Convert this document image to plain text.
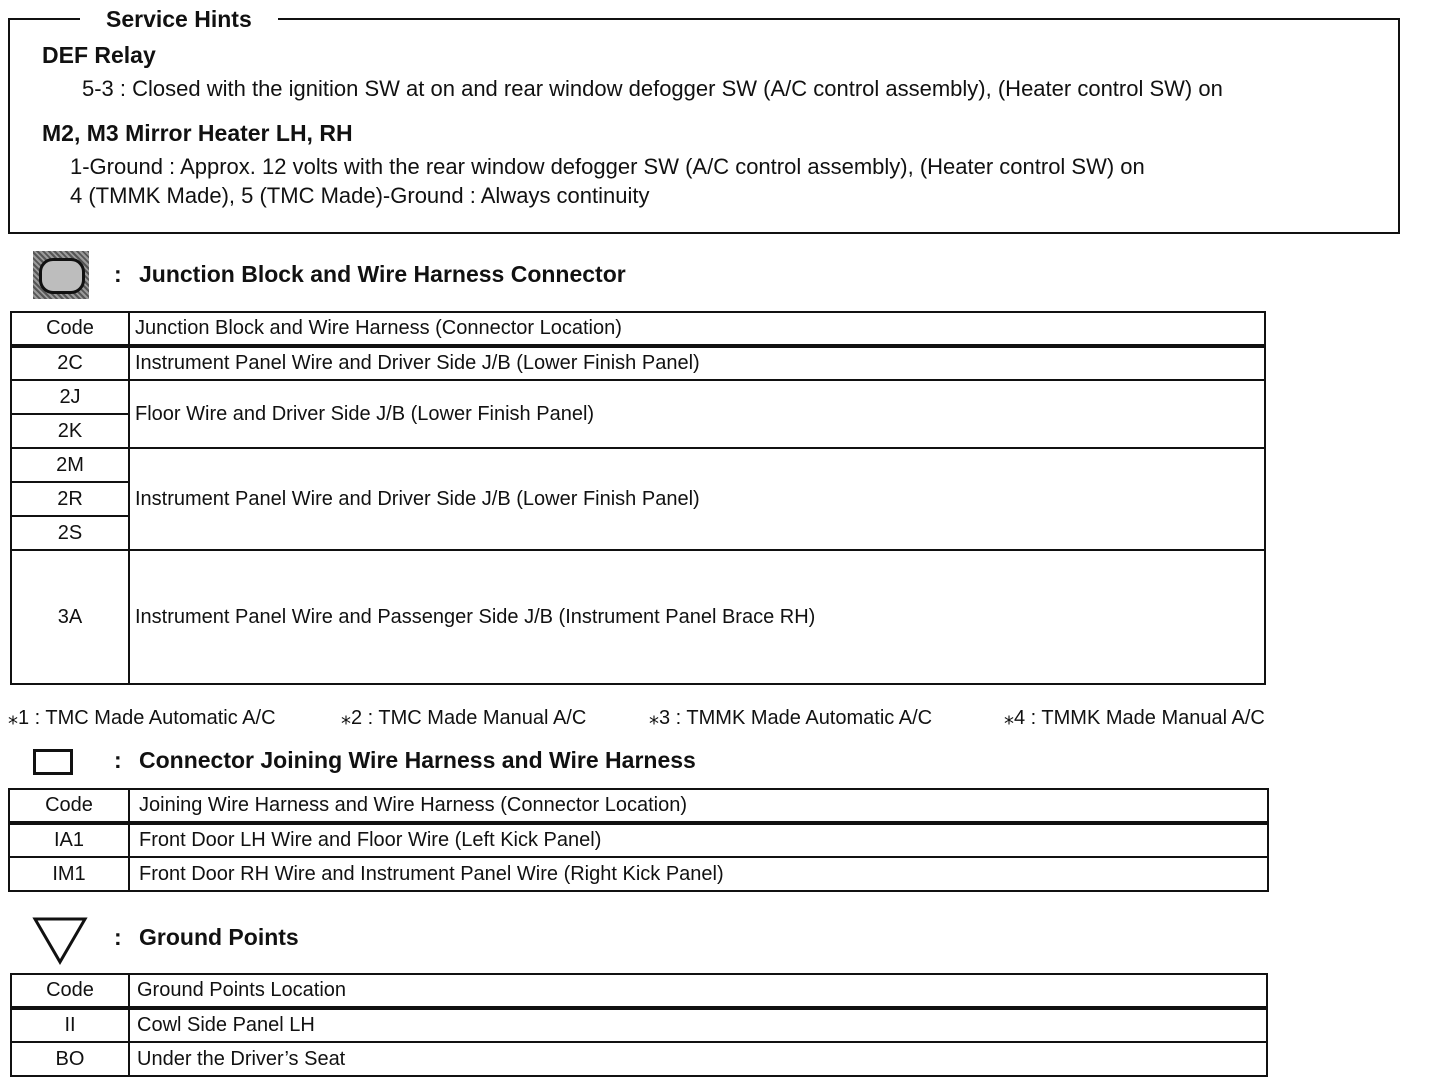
Service Hints
DEF Relay
5-3 : Closed with the ignition SW at on and rear window defogger SW (A/C control assembly), (Heater control SW) on
M2, M3 Mirror Heater LH, RH
1-Ground : Approx. 12 volts with the rear window defogger SW (A/C control assembly), (Heater control SW) on
4 (TMMK Made), 5 (TMC Made)-Ground : Always continuity
: Junction Block and Wire Harness Connector
Code	Junction Block and Wire Harness (Connector Location)
2C	Instrument Panel Wire and Driver Side J/B (Lower Finish Panel)
2J	Floor Wire and Driver Side J/B (Lower Finish Panel)
2K	
2M	Instrument Panel Wire and Driver Side J/B (Lower Finish Panel)
2R	
2S	
3A	Instrument Panel Wire and Passenger Side J/B (Instrument Panel Brace RH)
⁎1 : TMC Made Automatic A/C	⁎2 : TMC Made Manual A/C	⁎3 : TMMK Made Automatic A/C	⁎4 : TMMK Made Manual A/C
: Connector Joining Wire Harness and Wire Harness
Code	Joining Wire Harness and Wire Harness (Connector Location)
IA1	Front Door LH Wire and Floor Wire (Left Kick Panel)
IM1	Front Door RH Wire and Instrument Panel Wire (Right Kick Panel)
: Ground Points
Code	Ground Points Location
II	Cowl Side Panel LH
BO	Under the Driver’s Seat
